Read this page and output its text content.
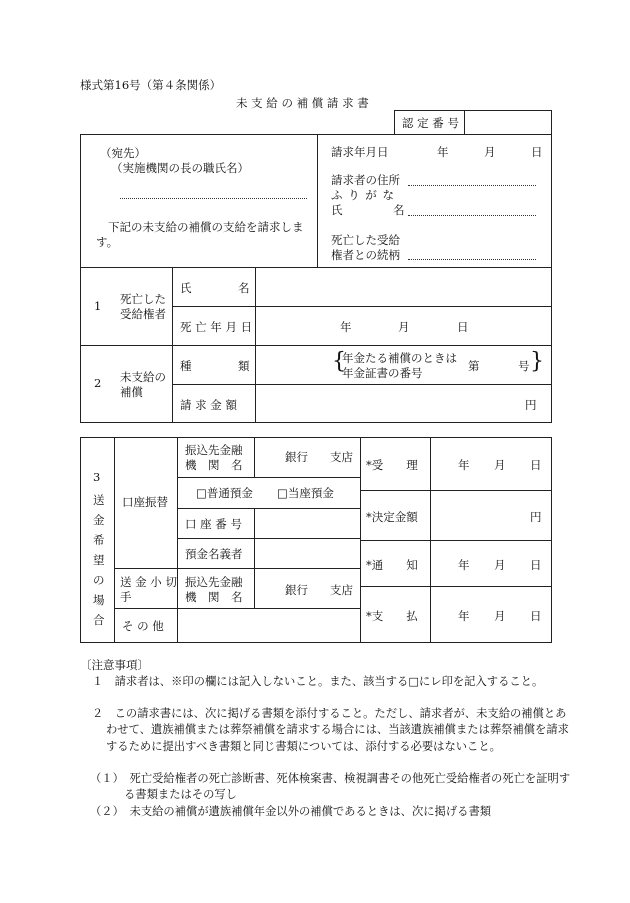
様式第16号（第４条関係）
未 支 給 の 補 償 請 求 書
認 定 番 号
（宛先）
（実施機関の長の職氏名）
下記の未支給の補償の支給を請求しま
す。
請求年月日	年	月	日
請求者の住所
ふ り が な
氏	名
死亡した受給
権者との続柄
1 死亡した
受給権者
氏	名
死 亡 年 月 日	年	月	日
2 未支給の
補償
種	類	{
年金たる補償のときは
年金証書の番号	第	号 }
請 求 金 額	円
3
送
金
希
望
の
場
合
口座振替
振込先金融
機　関　名
銀行 支店
□普通預金 □当座預金
口 座 番 号
預金名義者
送 金 小 切
手
振込先金融
機　関　名	銀行 支店
そ の 他
*受　　理	年 月 日
*決定金額	円
*通　　知	年 月 日
*支　　払	年 月 日
〔注意事項〕
１　請求者は、※印の欄には記入しないこと。また、該当する□にレ印を記入すること。
２　この請求書には、次に掲げる書類を添付すること。ただし、請求者が、未支給の補償とあわせて、遺族補償または葬祭補償を請求する場合には、当該遺族補償または葬祭補償を請求するために提出すべき書類と同じ書類については、添付する必要はないこと。
（１）　死亡受給権者の死亡診断書、死体検案書、検視調書その他死亡受給権者の死亡を証明する書類またはその写し
（２）　未支給の補償が遺族補償年金以外の補償であるときは、次に掲げる書類
